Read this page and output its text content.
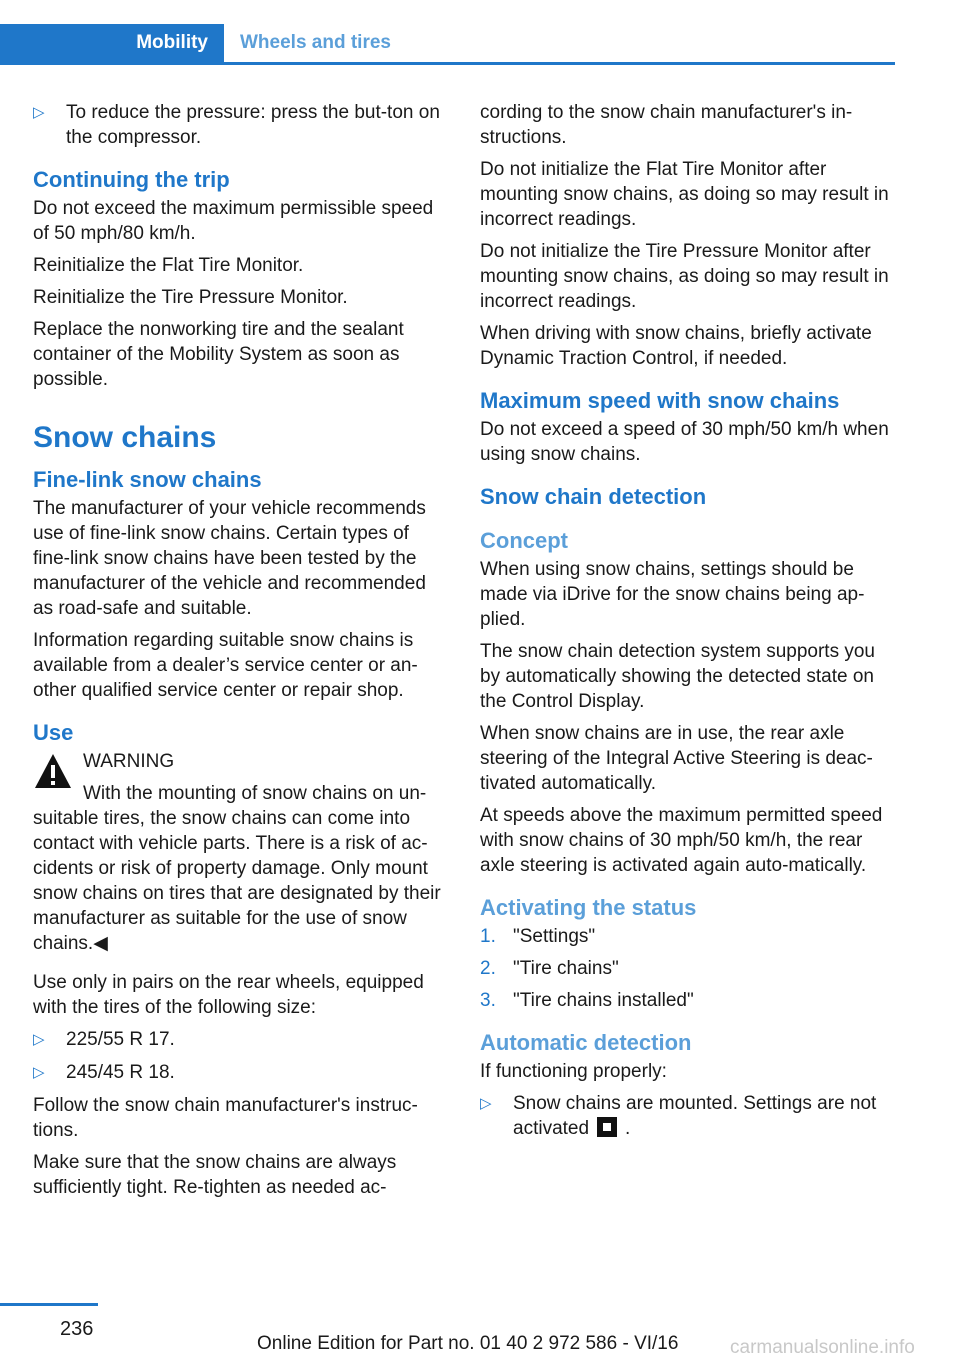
Mobility	Wheels and tires
▷ To reduce the pressure: press the but‐ton on the compressor.
Continuing the trip

Do not exceed the maximum permissible speed of 50 mph/80 km/h.

Reinitialize the Flat Tire Monitor.

Reinitialize the Tire Pressure Monitor.

Replace the nonworking tire and the sealant container of the Mobility System as soon as possible.

Snow chains
Fine-link snow chains

The manufacturer of your vehicle recommends use of fine-link snow chains. Certain types of fine-link snow chains have been tested by the manufacturer of the vehicle and recommended as road-safe and suitable.

Information regarding suitable snow chains is available from a dealer’s service center or an‐other qualified service center or repair shop.

Use
WARNING
With the mounting of snow chains on un‐suitable tires, the snow chains can come into contact with vehicle parts. There is a risk of ac‐cidents or risk of property damage. Only mount snow chains on tires that are designated by their manufacturer as suitable for the use of snow chains.◀

Use only in pairs on the rear wheels, equipped with the tires of the following size:

▷ 225/55 R 17.
▷ 245/45 R 18.

Follow the snow chain manufacturer's instruc‐tions.

Make sure that the snow chains are always sufficiently tight. Re-tighten as needed ac‐

cording to the snow chain manufacturer's in‐structions.

Do not initialize the Flat Tire Monitor after mounting snow chains, as doing so may result in incorrect readings.

Do not initialize the Tire Pressure Monitor after mounting snow chains, as doing so may result in incorrect readings.

When driving with snow chains, briefly activate Dynamic Traction Control, if needed.

Maximum speed with snow chains

Do not exceed a speed of 30 mph/50 km/h when using snow chains.

Snow chain detection
Concept

When using snow chains, settings should be made via iDrive for the snow chains being ap‐plied.

The snow chain detection system supports you by automatically showing the detected state on the Control Display.

When snow chains are in use, the rear axle steering of the Integral Active Steering is deac‐tivated automatically.

At speeds above the maximum permitted speed with snow chains of 30 mph/50 km/h, the rear axle steering is activated again auto‐matically.

Activating the status
1. "Settings"
2. "Tire chains"
3. "Tire chains installed"
Automatic detection

If functioning properly:

▷ Snow chains are mounted. Settings are not activated .
236
Online Edition for Part no. 01 40 2 972 586 - VI/16	carmanualsonline.info
